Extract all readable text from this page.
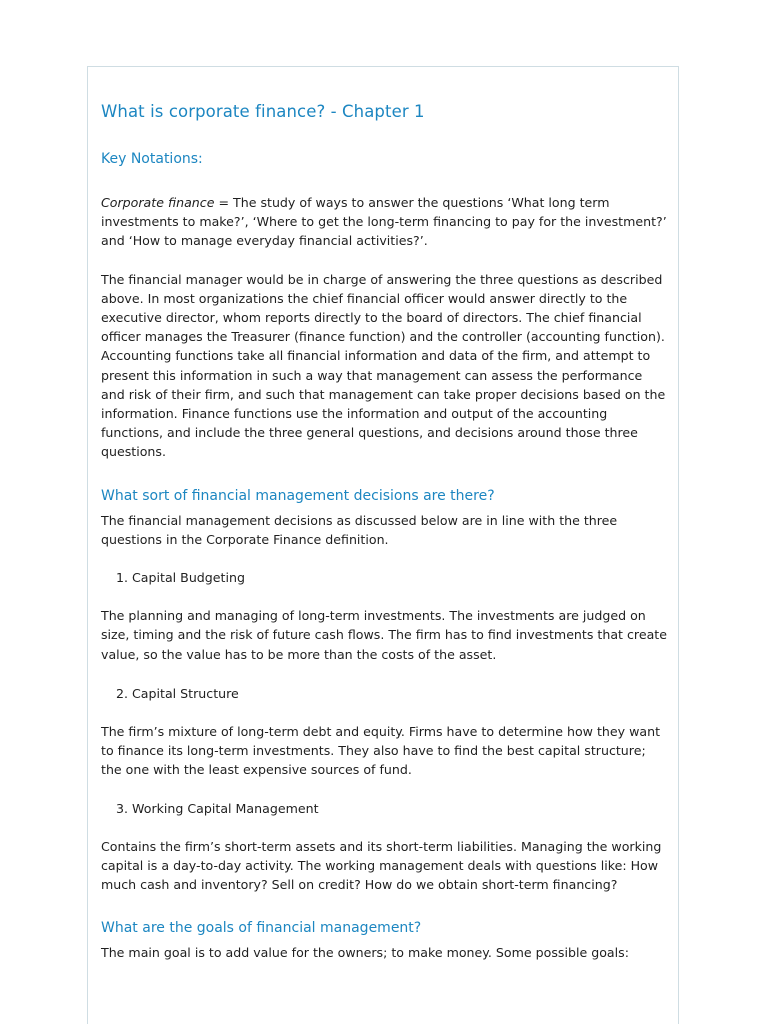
What is corporate finance? - Chapter 1
Key Notations:

Corporate finance = The study of ways to answer the questions ‘What long term investments to make?’, ‘Where to get the long-term financing to pay for the investment?’ and ‘How to manage everyday financial activities?’.

The financial manager would be in charge of answering the three questions as described above. In most organizations the chief financial officer would answer directly to the executive director, whom reports directly to the board of directors. The chief financial officer manages the Treasurer (finance function) and the controller (accounting function). Accounting functions take all financial information and data of the firm, and attempt to present this information in such a way that management can assess the performance and risk of their firm, and such that management can take proper decisions based on the information. Finance functions use the information and output of the accounting functions, and include the three general questions, and decisions around those three questions.

What sort of financial management decisions are there?

The financial management decisions as discussed below are in line with the three questions in the Corporate Finance definition.

1. Capital Budgeting

The planning and managing of long-term investments. The investments are judged on size, timing and the risk of future cash flows. The firm has to find investments that create value, so the value has to be more than the costs of the asset.

2. Capital Structure

The firm’s mixture of long-term debt and equity. Firms have to determine how they want to finance its long-term investments. They also have to find the best capital structure; the one with the least expensive sources of fund.

3. Working Capital Management

Contains the firm’s short-term assets and its short-term liabilities. Managing the working capital is a day-to-day activity. The working management deals with questions like: How much cash and inventory? Sell on credit? How do we obtain short-term financing?

What are the goals of financial management?

The main goal is to add value for the owners; to make money. Some possible goals:
